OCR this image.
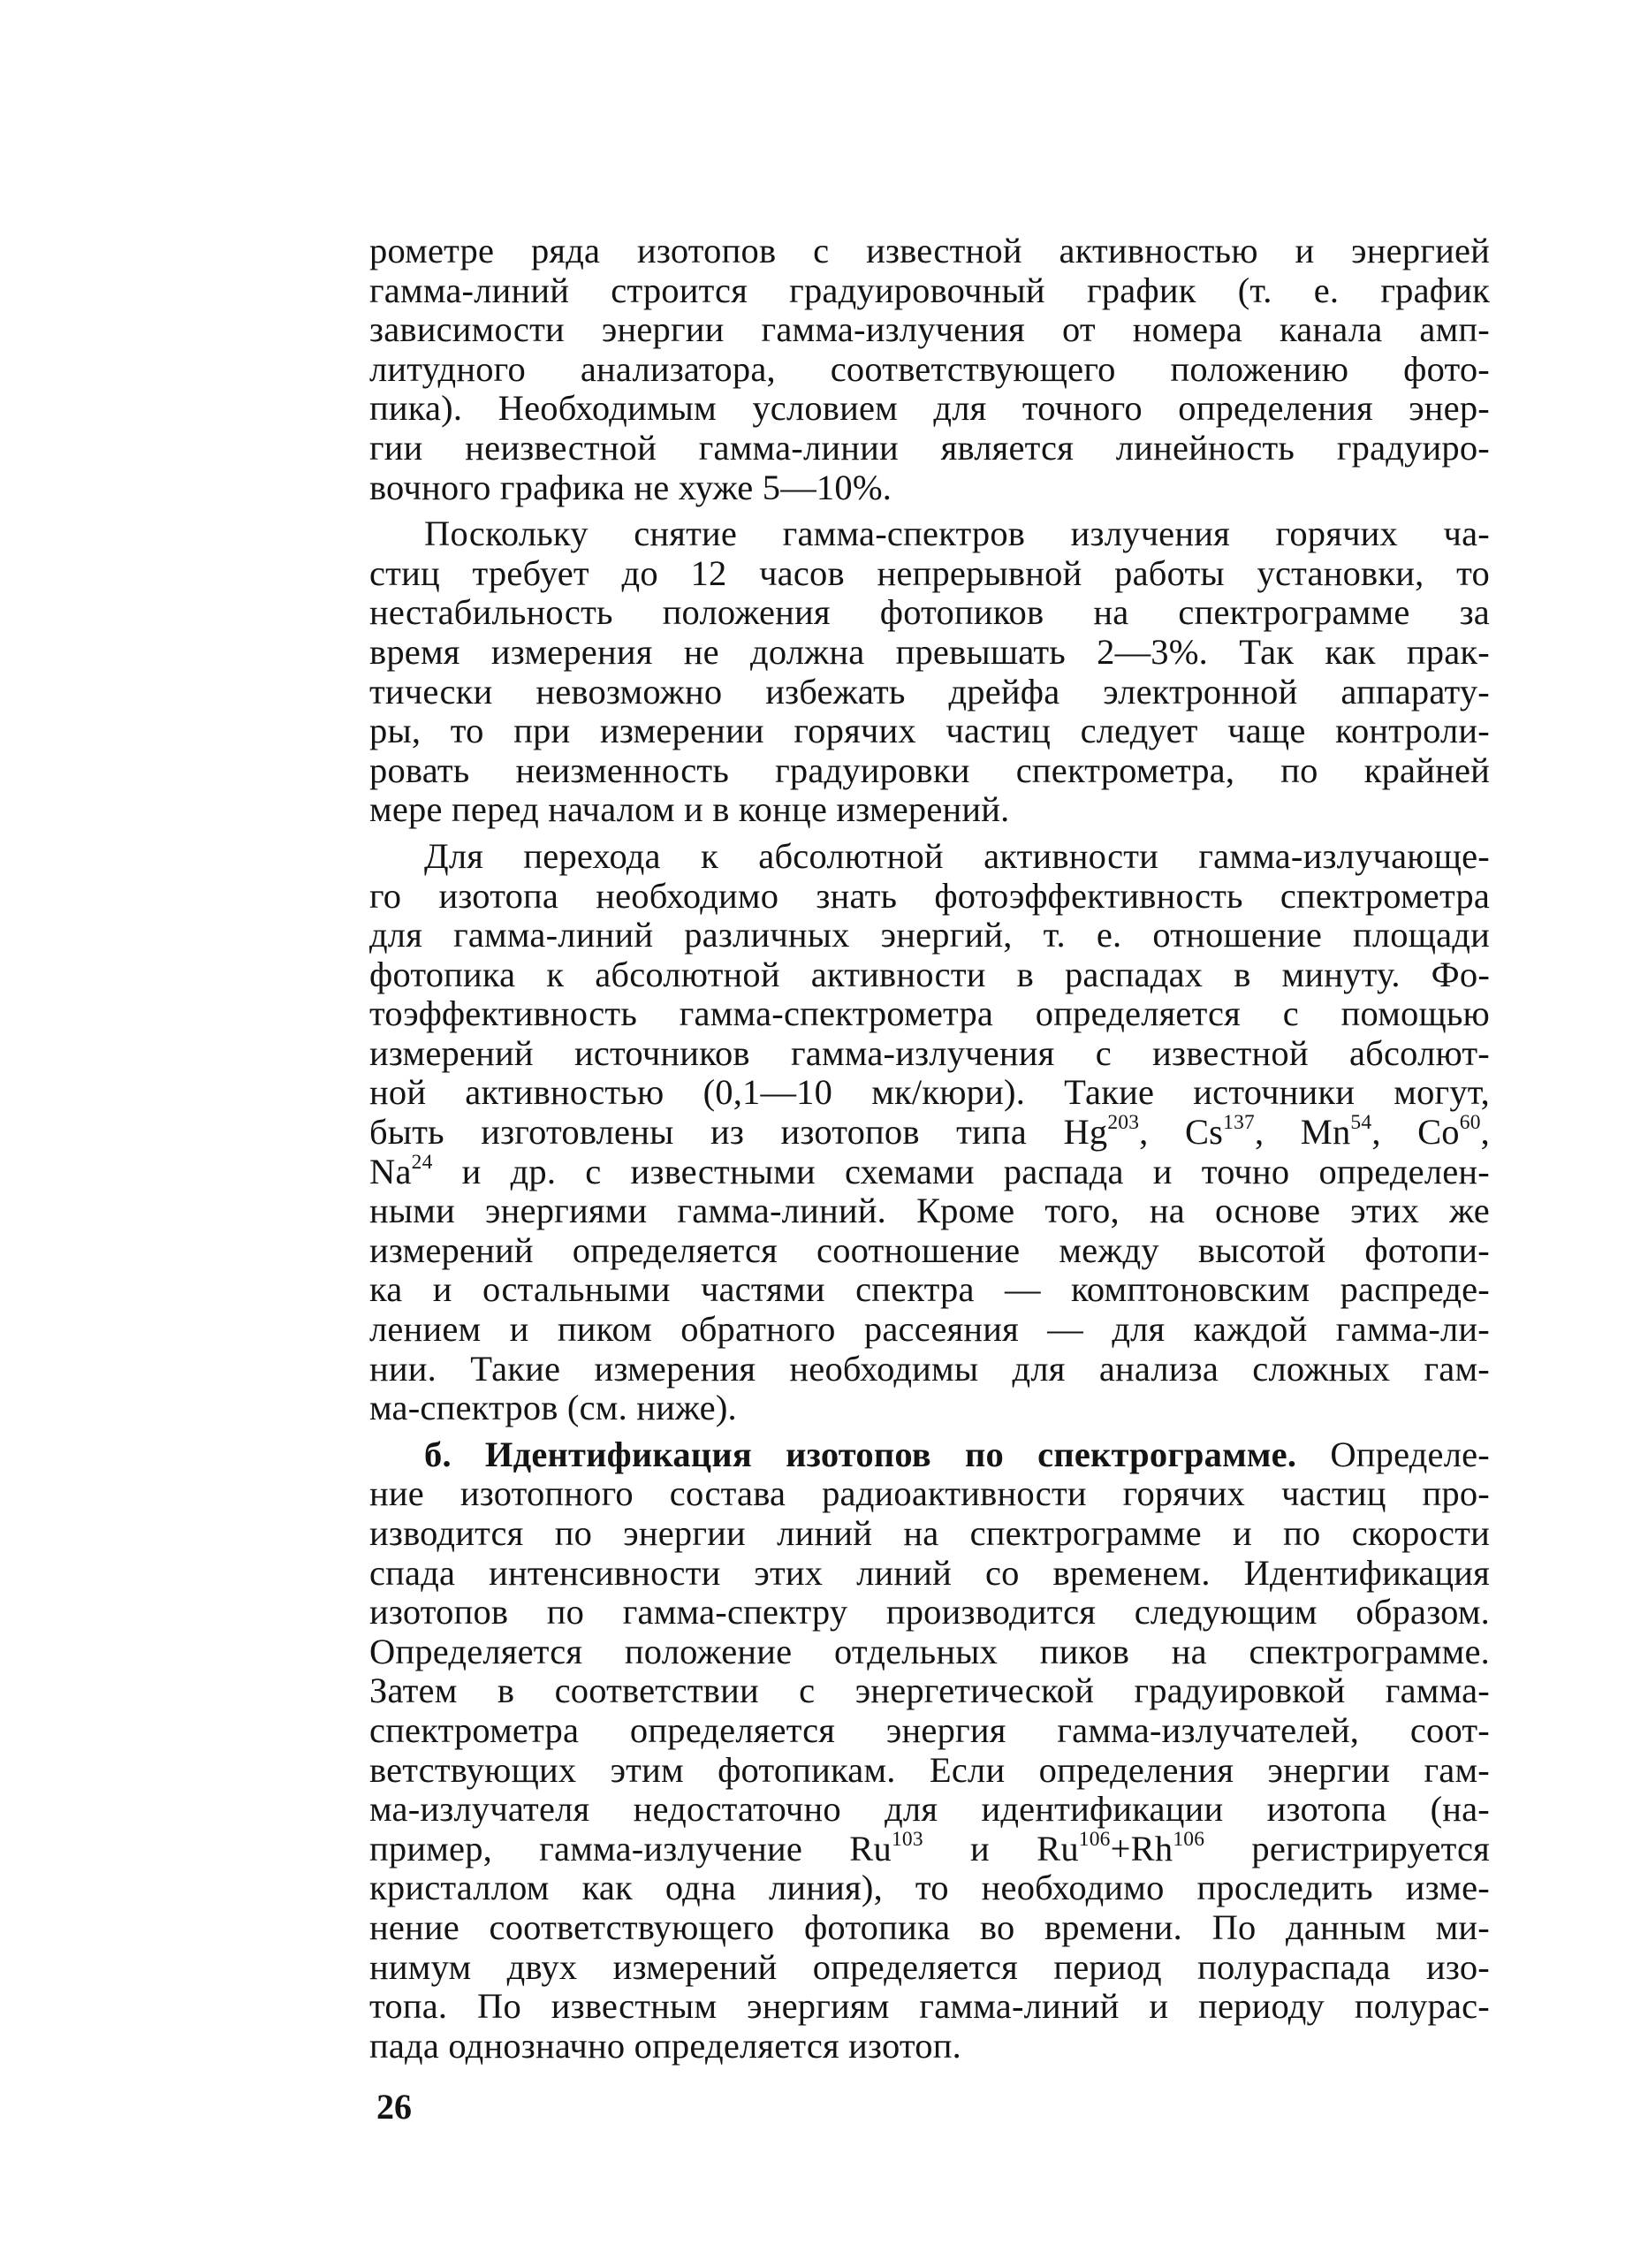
рометре ряда изотопов с известной активностью и энергией
гамма-линий строится градуировочный график (т. е. график
зависимости энергии гамма-излучения от номера канала амп-
литудного анализатора, соответствующего положению фото-
пика). Необходимым условием для точного определения энер-
гии неизвестной гамма-линии является линейность градуиро-
вочного графика не хуже 5—10%.
Поскольку снятие гамма-спектров излучения горячих ча-
стиц требует до 12 часов непрерывной работы установки, то
нестабильность положения фотопиков на спектрограмме за
время измерения не должна превышать 2—3%. Так как прак-
тически невозможно избежать дрейфа электронной аппарату-
ры, то при измерении горячих частиц следует чаще контроли-
ровать неизменность градуировки спектрометра, по крайней
мере перед началом и в конце измерений.
Для перехода к абсолютной активности гамма-излучающе-
го изотопа необходимо знать фотоэффективность спектрометра
для гамма-линий различных энергий, т. е. отношение площади
фотопика к абсолютной активности в распадах в минуту. Фо-
тоэффективность гамма-спектрометра определяется с помощью
измерений источников гамма-излучения с известной абсолют-
ной активностью (0,1—10 мк/кюри). Такие источники могут,
быть изготовлены из изотопов типа Hg$^{203}$, Cs$^{137}$, Mn$^{54}$, Co$^{60}$,
Na$^{24}$ и др. с известными схемами распада и точно определен-
ными энергиями гамма-линий. Кроме того, на основе этих же
измерений определяется соотношение между высотой фотопи-
ка и остальными частями спектра — комптоновским распреде-
лением и пиком обратного рассеяния — для каждой гамма-ли-
нии. Такие измерения необходимы для анализа сложных гам-
ма-спектров (см. ниже).
б. Идентификация изотопов по спектрограмме. Определе-
ние изотопного состава радиоактивности горячих частиц про-
изводится по энергии линий на спектрограмме и по скорости
спада интенсивности этих линий со временем. Идентификация
изотопов по гамма-спектру производится следующим образом.
Определяется положение отдельных пиков на спектрограмме.
Затем в соответствии с энергетической градуировкой гамма-
спектрометра определяется энергия гамма-излучателей, соот-
ветствующих этим фотопикам. Если определения энергии гам-
ма-излучателя недостаточно для идентификации изотопа (на-
пример, гамма-излучение Ru$^{103}$ и $Ru^{106}+Rh^{106}$ регистрируется
кристаллом как одна линия), то необходимо проследить изме-
нение соответствующего фотопика во времени. По данным ми-
нимум двух измерений определяется период полураспада изо-
топа. По известным энергиям гамма-линий и периоду полурас-
пада однозначно определяется изотоп.
26
